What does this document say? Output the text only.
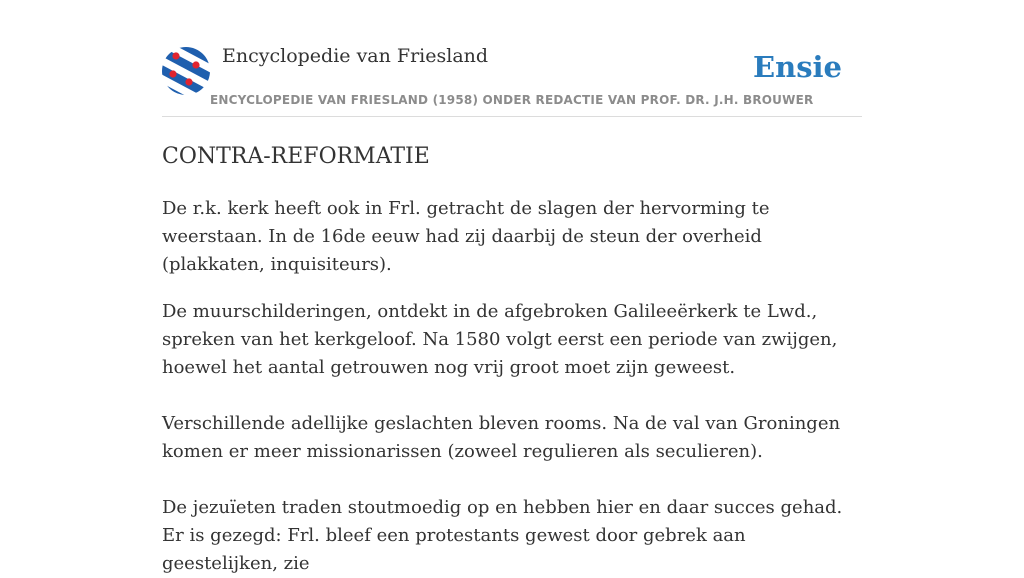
Encyclopedie van Friesland	Ensie
ENCYCLOPEDIE VAN FRIESLAND (1958) ONDER REDACTIE VAN PROF. DR. J.H. BROUWER
CONTRA-REFORMATIE

De r.k. kerk heeft ook in Frl. getracht de slagen der hervorming te weerstaan. In de 16de eeuw had zij daarbij de steun der overheid (plakkaten, inquisiteurs).

De muurschilderingen, ontdekt in de afgebroken Galileeërkerk te Lwd., spreken van het kerkgeloof. Na 1580 volgt eerst een periode van zwijgen, hoewel het aantal getrouwen nog vrij groot moet zijn geweest.

Verschillende adellijke geslachten bleven rooms. Na de val van Groningen komen er meer missionarissen (zoweel regulieren als seculieren).

De jezuïeten traden stoutmoedig op en hebben hier en daar succes gehad. Er is gezegd: Frl. bleef een protestants gewest door gebrek aan geestelijken, zie
